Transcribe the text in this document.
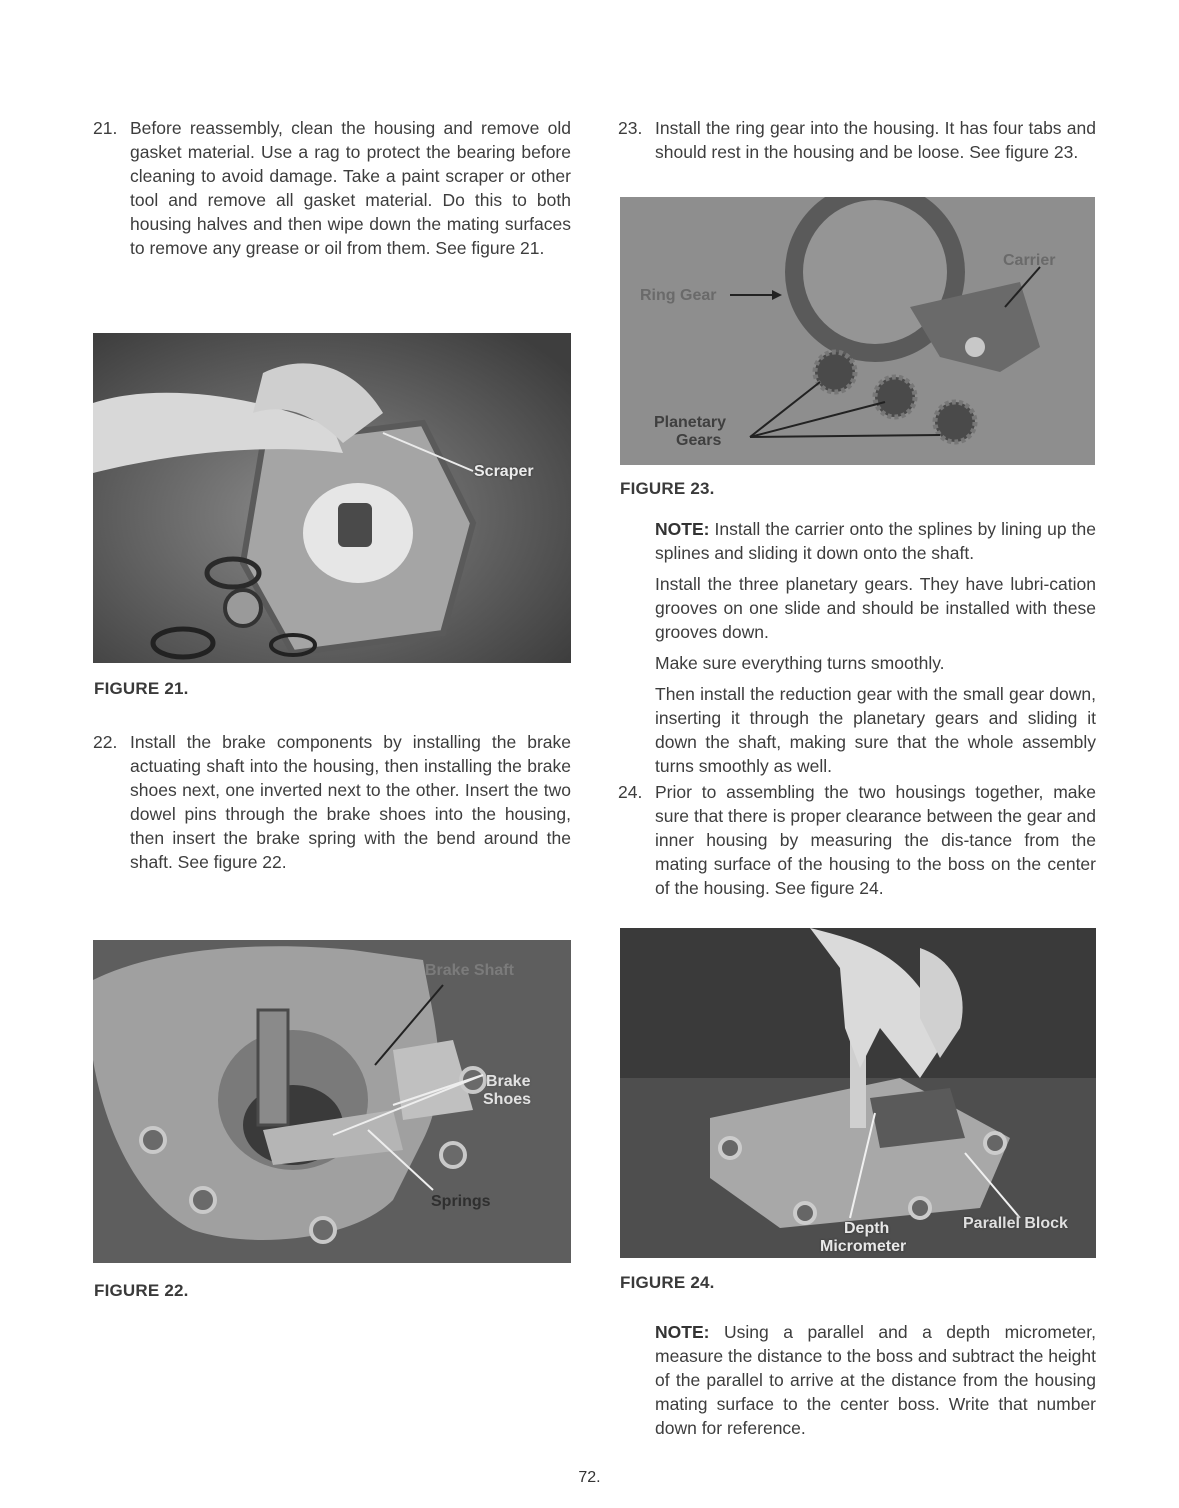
21. Before reassembly, clean the housing and remove old gasket material. Use a rag to protect the bearing before cleaning to avoid damage. Take a paint scraper or other tool and remove all gasket material. Do this to both housing halves and then wipe down the mating surfaces to remove any grease or oil from them. See figure 21.
Scraper
FIGURE 21.
22. Install the brake components by installing the brake actuating shaft into the housing, then installing the brake shoes next, one inverted next to the other. Insert the two dowel pins through the brake shoes into the housing, then insert the brake spring with the bend around the shaft. See figure 22.
Brake Shaft
Brake
Shoes
Springs
FIGURE 22.
23. Install the ring gear into the housing. It has four tabs and should rest in the housing and be loose. See figure 23.
Carrier
Ring Gear
Planetary
Gears
FIGURE 23.
NOTE: Install the carrier onto the splines by lining up the splines and sliding it down onto the shaft.
Install the three planetary gears. They have lubri-cation grooves on one slide and should be installed with these grooves down.
Make sure everything turns smoothly.
Then install the reduction gear with the small gear down, inserting it through the planetary gears and sliding it down the shaft, making sure that the whole assembly turns smoothly as well.
24. Prior to assembling the two housings together, make sure that there is proper clearance between the gear and inner housing by measuring the dis-tance from the mating surface of the housing to the boss on the center of the housing. See figure 24.
Depth
Micrometer
Parallel Block
FIGURE 24.
NOTE: Using a parallel and a depth micrometer, measure the distance to the boss and subtract the height of the parallel to arrive at the distance from the housing mating surface to the center boss. Write that number down for reference.
72.
